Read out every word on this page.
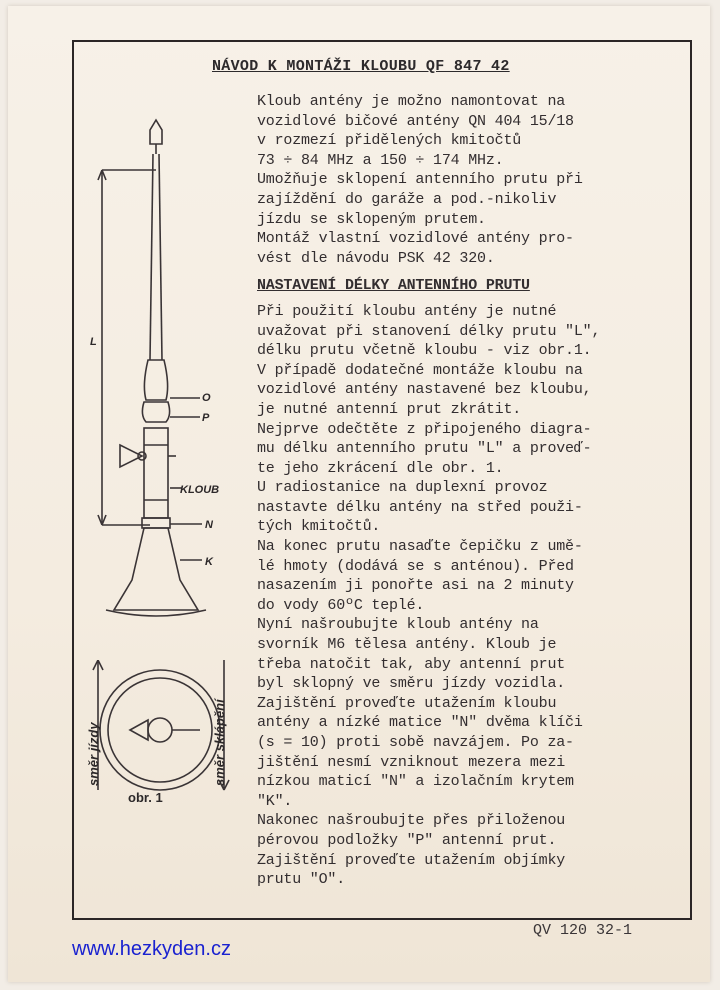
NÁVOD K MONTÁŽI KLOUBU QF 847 42
Kloub antény je možno namontovat na
vozidlové bičové antény QN 404 15/18
v rozmezí přidělených kmitočtů
73 ÷ 84 MHz a 150 ÷ 174 MHz.
Umožňuje sklopení antenního prutu při
zajíždění do garáže a pod.-nikoliv
jízdu se sklopeným prutem.
Montáž vlastní vozidlové antény pro-
vést dle návodu PSK 42 320.
NASTAVENÍ DÉLKY ANTENNÍHO PRUTU
Při použití kloubu antény je nutné
uvažovat při stanovení délky prutu "L",
délku prutu včetně kloubu - viz obr.1.
V případě dodatečné montáže kloubu na
vozidlové antény nastavené bez kloubu,
je nutné antenní prut zkrátit.
Nejprve odečtěte z připojeného diagra-
mu délku antenního prutu "L" a proveď-
te jeho zkrácení dle obr. 1.
U radiostanice na duplexní provoz
nastavte délku antény na střed použi-
tých kmitočtů.
Na konec prutu nasaďte čepičku z umě-
lé hmoty (dodává se s anténou). Před
nasazením ji ponořte asi na 2 minuty
do vody 60ºC teplé.
Nyní našroubujte kloub antény na
svorník M6 tělesa antény. Kloub je
třeba natočit tak, aby antenní prut
byl sklopný ve směru jízdy vozidla.
Zajištění proveďte utažením kloubu
antény a nízké matice "N" dvěma klíči
(s = 10) proti sobě navzájem. Po za-
jištění nesmí vzniknout mezera mezi
nízkou maticí "N" a izolačním krytem
"K".
Nakonec našroubujte přes přiloženou
pérovou podložky "P" antenní prut.
Zajištění proveďte utažením objímky
prutu "O".
L
O
P
KLOUB
N
K
směr jízdy	směr sklápění
obr. 1
QV 120 32-1
www.hezkyden.cz
